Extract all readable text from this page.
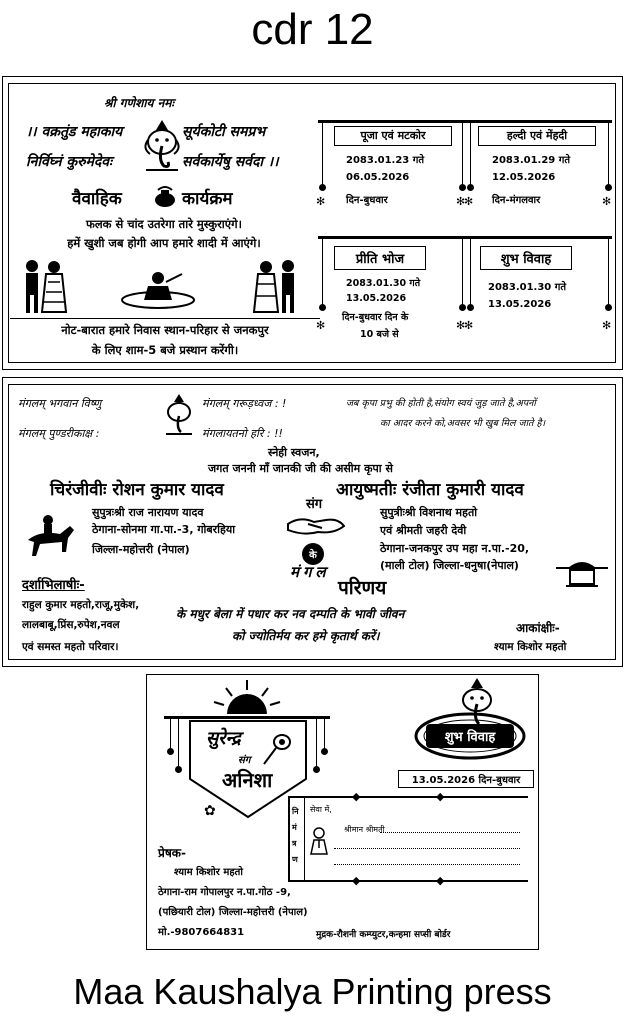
cdr 12
Maa Kaushalya Printing press
श्री गणेशाय नमः
।। वक्रतुंड महाकाय
निर्विघ्नं कुरुमेदेवः
सूर्यकोटी समप्रभ
सर्वकार्येषु सर्वदा ।।
वैवाहिक	कार्यक्रम
फलक से चांद उतरेगा तारे मुस्कुराएंगे।
हमें खुशी जब होगी आप हमारे शादी में आएंगे।
नोट-बारात हमारे निवास स्थान-परिहार से जनकपुर
के लिए शाम-5 बजे प्रस्थान करेंगी।
पूजा एवं मटकोर
2083.01.23 गते
06.05.2026
दिन-बुधवार
✻	✻
हल्दी एवं मेंहदी
2083.01.29 गते
12.05.2026
दिन-मंगलवार
✻	✻
प्रीति भोज
2083.01.30 गते
13.05.2026
दिन-बुधवार दिन के
10 बजे से
✻	✻
शुभ विवाह
2083.01.30 गते
13.05.2026
✻	✻
मंगलम् भगवान विष्णु	मंगलम् गरूड़ध्वज : !
मंगलम् पुण्डरीकाक्ष :	मंगलायतनो हरि : !!
जब कृपा प्रभु की होती है,संयोग स्वयं जुड़ जाते है,अपनों
का आदर करने को,अवसर भी खुब मिल जाते है।
स्नेही स्वजन,
जगत जननी माँ जानकी जी की असीम कृपा से
चिरंजीवीः रोशन कुमार यादव	आयुष्मतीः रंजीता कुमारी यादव
सुपुत्रःश्री राज नारायण यादव
ठेगाना-सोनमा गा.पा.-3, गोबरहिया
जिल्ला-महोत्तरी (नेपाल)
सुपुत्रीःश्री विशनाथ महतो
एवं श्रीमती जहरी देवी
ठेगाना-जनकपुर उप महा न.पा.-20,
(माली टोल) जिल्ला-धनुषा(नेपाल)
संग
के
मंगल
परिणय
दर्शाभिलाषीः-
राहुल कुमार महतो,राजू,मुकेश,
लालबाबू,प्रिंस,रुपेश,नवल
एवं समस्त महतो परिवार।
के मधुर बेला में पधार कर नव दम्पति के भावी जीवन
को ज्योतिर्मय कर हमे कृतार्थ करें।
आकांक्षीः-
श्याम किशोर महतो
सुरेन्द्र
संग
अनिशा
✿
शुभ विवाह
13.05.2026 दिन-बुधवार
◆	◆
◆	◆
नि
मं
त्र
ण
सेवा में,
श्रीमान श्रीमती
प्रेषक-
श्याम किशोर महतो
ठेगाना-राम गोपालपुर न.पा.गोठ -9,
(पछियारी टोल) जिल्ला-महोत्तरी (नेपाल)
मो.-9807664831	मुद्रक-रौशनी कम्प्युटर,कन्हमा सप्सी बोर्डर
